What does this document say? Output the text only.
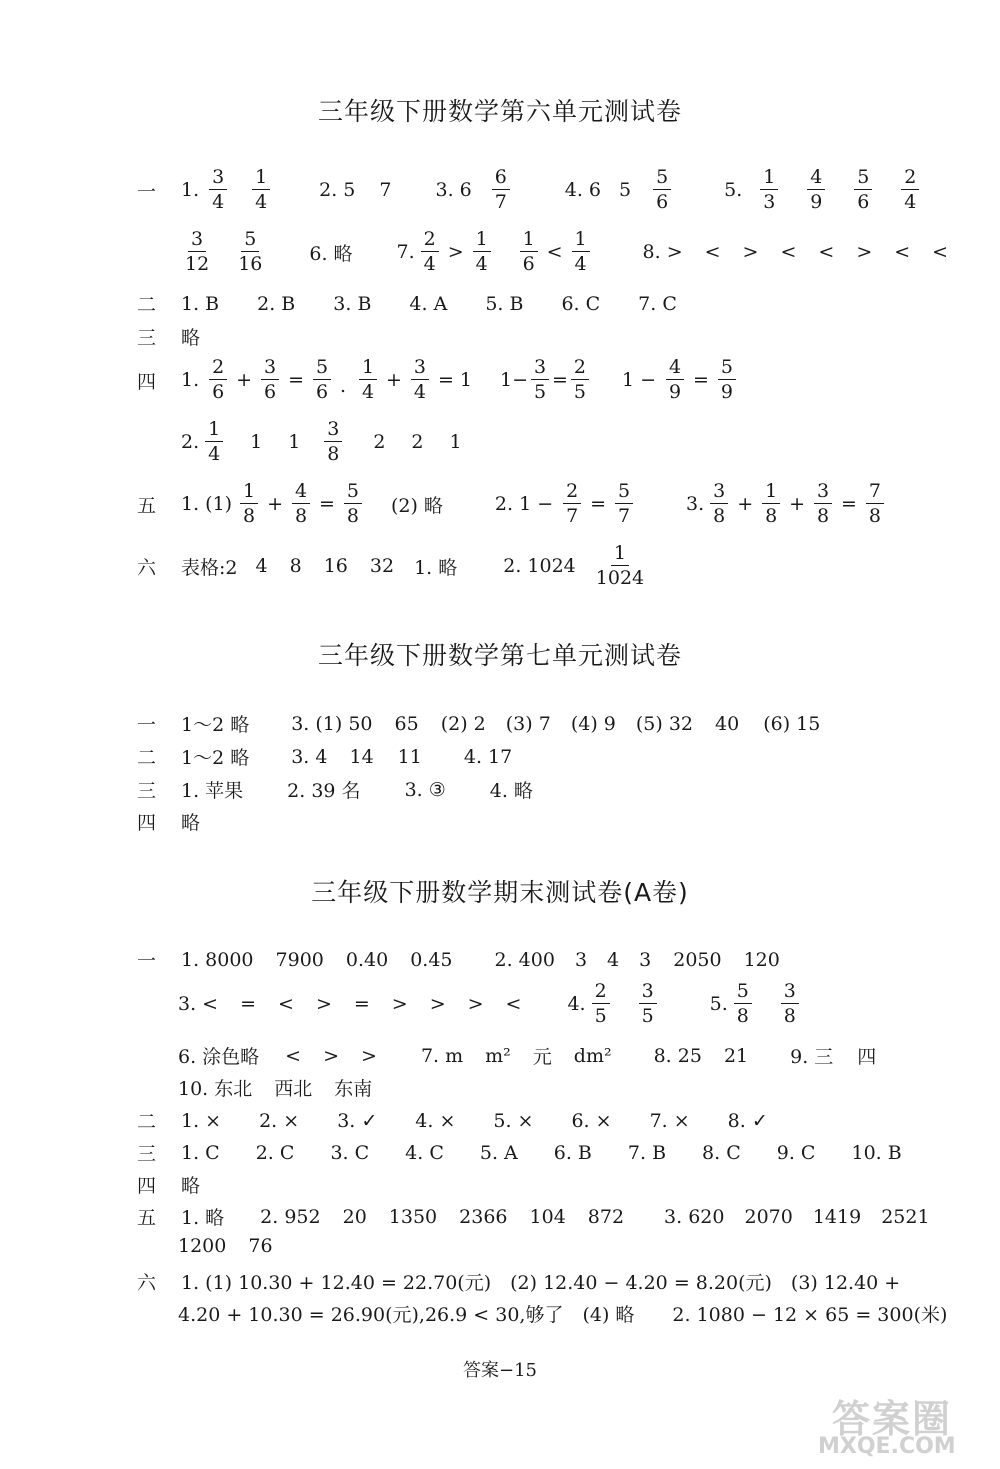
三年级下册数学第六单元测试卷
一	1. $\frac{3}{4} \frac{1}{4}$	2. 5 7 3. $6 \frac{6}{7}$	4. 6 $5 \frac{5}{6}$	5. $\frac{1}{3} \frac{4}{9} \frac{5}{6} \frac{2}{4}$
$\frac{3}{12} \frac{5}{16} 6$. 略 7. $\frac{2}{4} > \frac{1}{4} \frac{1}{6} < \frac{1}{4}$	8. > < > < < > < <
二	1. B 2. B 3. B 4. A 5. B 6. C 7. C
三	略
四	1. $\frac{2}{6} + \frac{3}{6} = \frac{5}{6}$ . $\frac{1}{4} + \frac{3}{4} = 1$ $1- \frac{3}{5} = \frac{2}{5} 1 - \frac{4}{9} = \frac{5}{9}$
2. $\frac{1}{4} 1$ $1 \frac{3}{8} 2$ 2 1
五	1. $(1) \frac{1}{8} + \frac{4}{8} = \frac{5}{8} (2)$ 略	2. $1 - \frac{2}{7} = \frac{5}{7}$	3. $\frac{3}{8} + \frac{1}{8} + \frac{3}{8} = \frac{7}{8}$
六	表格:2 4 8 16 32 1. 略 2. $1024 \frac{1}{1024}$
三年级下册数学第七单元测试卷
一	1～2 略 3. (1) 50 65 (2) 2 (3) 7 (4) 9 (5) 32 40 (6) 15
二	1～2 略 3. 4 14 11 4. 17
三	1. 苹果 2. 39 名 3. ③ 4. 略
四	略
三年级下册数学期末测试卷(A卷)
一	1. 8000 7900 0.40 0.45 2. 400 3 4 3 2050 120
3. < = < > = > > > < 4. $\frac{2}{5} \frac{3}{5}$	5. $\frac{5}{8} \frac{3}{8}$
6. 涂色略 < > > 7. m m² 元 dm² 8. 25 21 9. 三 四
10. 东北 西北 东南
二	1. × 2. × 3. ✓ 4. × 5. × 6. × 7. × 8. ✓
三	1. C 2. C 3. C 4. C 5. A 6. B 7. B 8. C 9. C 10. B
四	略
五	1. 略 2. 952 20 1350 2366 104 872 3. 620 2070 1419 2521
1200 76
六	1. (1) 10.30 + 12.40 = 22.70(元)　(2) 12.40 − 4.20 = 8.20(元)　(3) 12.40 +
4.20 + 10.30 = 26.90(元),26.9 < 30,够了　(4) 略　　2. 1080 − 12 × 65 = 300(米)
答案−15
答案圈
MXQE.COM
